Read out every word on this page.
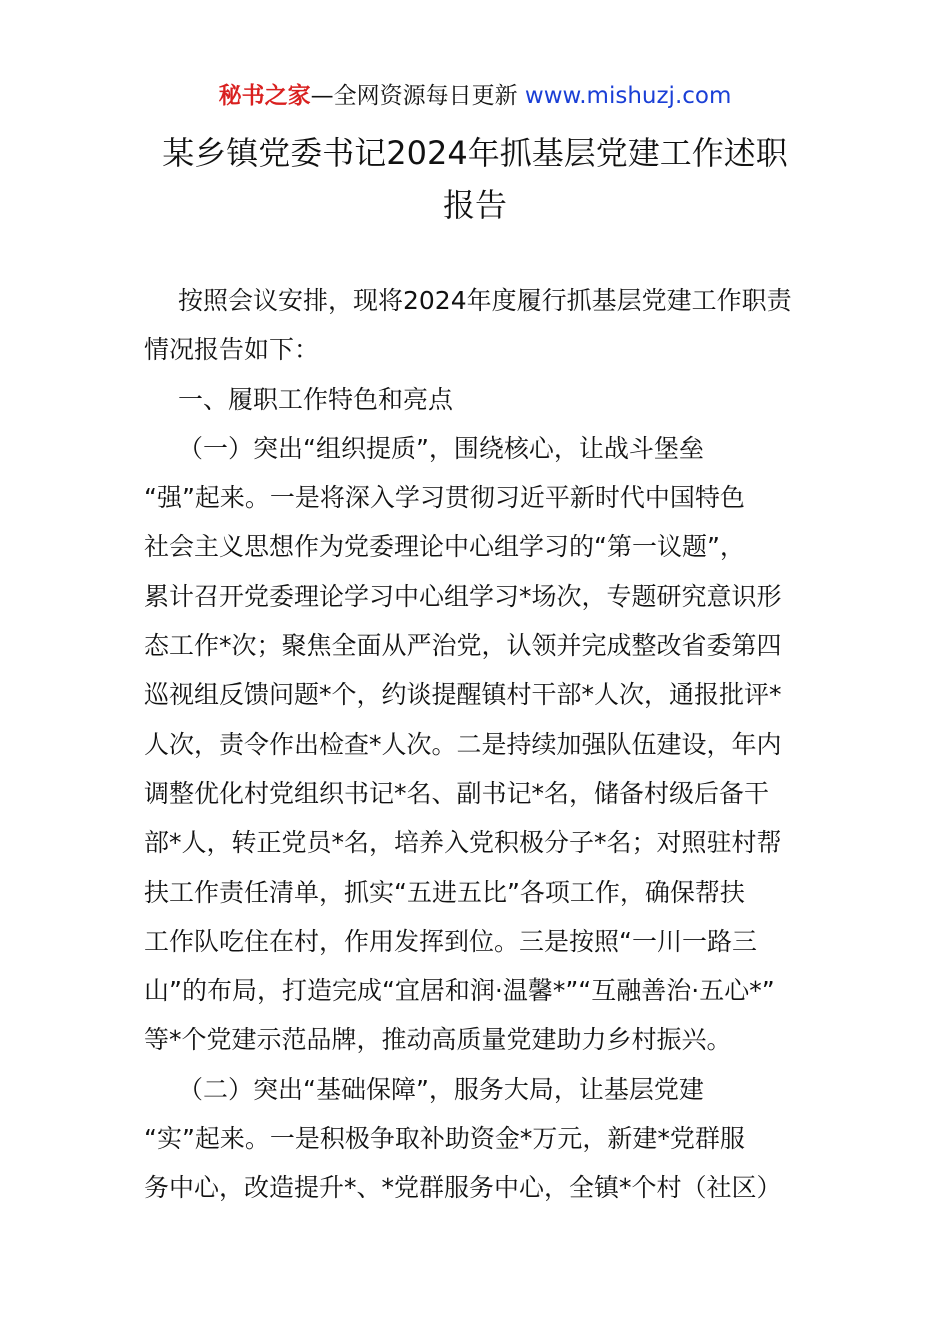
秘书之家—全网资源每日更新 www.mishuzj.com
某乡镇党委书记2024年抓基层党建工作述职
报告
按照会议安排，现将2024年度履行抓基层党建工作职责
情况报告如下：
一、履职工作特色和亮点
（一）突出“组织提质”，围绕核心，让战斗堡垒
“强”起来。一是将深入学习贯彻习近平新时代中国特色
社会主义思想作为党委理论中心组学习的“第一议题”，
累计召开党委理论学习中心组学习*场次，专题研究意识形
态工作*次；聚焦全面从严治党，认领并完成整改省委第四
巡视组反馈问题*个，约谈提醒镇村干部*人次，通报批评*
人次，责令作出检查*人次。二是持续加强队伍建设，年内
调整优化村党组织书记*名、副书记*名，储备村级后备干
部*人，转正党员*名，培养入党积极分子*名；对照驻村帮
扶工作责任清单，抓实“五进五比”各项工作，确保帮扶
工作队吃住在村，作用发挥到位。三是按照“一川一路三
山”的布局，打造完成“宜居和润·温馨*”“互融善治·五心*”
等*个党建示范品牌，推动高质量党建助力乡村振兴。
（二）突出“基础保障”，服务大局，让基层党建
“实”起来。一是积极争取补助资金*万元，新建*党群服
务中心，改造提升*、*党群服务中心，全镇*个村（社区）
